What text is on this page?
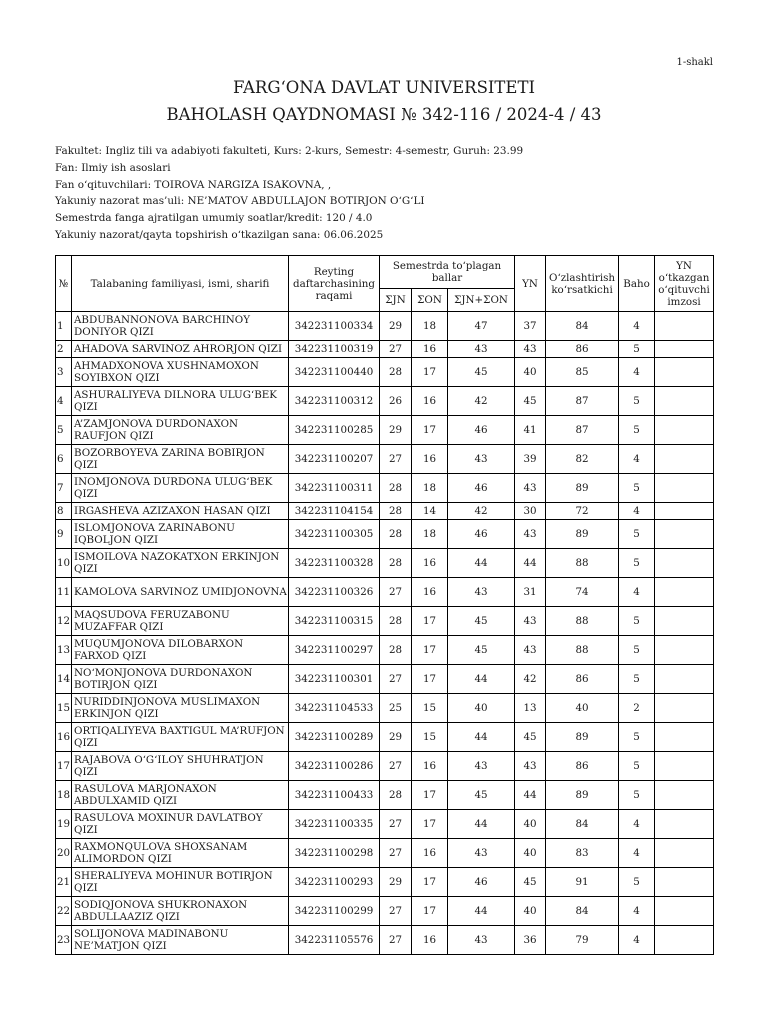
1-shakl
FARG‘ONA DAVLAT UNIVERSITETI
BAHOLASH QAYDNOMASI № 342-116 / 2024-4 / 43
Fakultet: Ingliz tili va adabiyoti fakulteti, Kurs: 2-kurs, Semestr: 4-semestr, Guruh: 23.99
Fan: Ilmiy ish asoslari
Fan o‘qituvchilari: TOIROVA NARGIZA ISAKOVNA, ,
Yakuniy nazorat mas’uli: NE’MATOV ABDULLAJON BOTIRJON O‘G‘LI
Semestrda fanga ajratilgan umumiy soatlar/kredit: 120 / 4.0
Yakuniy nazorat/qayta topshirish o‘tkazilgan sana: 06.06.2025
№	Talabaning familiyasi, ismi, sharifi	Reyting daftarchasining raqami	Semestrda to‘plagan ballar			YN	O‘zlashtirish ko‘rsatkichi	Baho	YN o‘tkazgan o‘qituvchi imzosi
			ΣJN	ΣON	ΣJN+ΣON				
1	ABDUBANNONOVA BARCHINOY DONIYOR QIZI	342231100334	29	18	47	37	84	4	
2	AHADOVA SARVINOZ AHRORJON QIZI	342231100319	27	16	43	43	86	5	
3	AHMADXONOVA XUSHNAMOXON SOYIBXON QIZI	342231100440	28	17	45	40	85	4	
4	ASHURALIYEVA DILNORA ULUG‘BEK QIZI	342231100312	26	16	42	45	87	5	
5	A’ZAMJONOVA DURDONAXON RAUFJON QIZI	342231100285	29	17	46	41	87	5	
6	BOZORBOYEVA ZARINA BOBIRJON QIZI	342231100207	27	16	43	39	82	4	
7	INOMJONOVA DURDONA ULUG‘BEK QIZI	342231100311	28	18	46	43	89	5	
8	IRGASHEVA AZIZAXON HASAN QIZI	342231104154	28	14	42	30	72	4	
9	ISLOMJONOVA ZARINABONU IQBOLJON QIZI	342231100305	28	18	46	43	89	5	
10	ISMOILOVA NAZOKATXON ERKINJON QIZI	342231100328	28	16	44	44	88	5	
11	KAMOLOVA SARVINOZ UMIDJONOVNA	342231100326	27	16	43	31	74	4	
12	MAQSUDOVA FERUZABONU MUZAFFAR QIZI	342231100315	28	17	45	43	88	5	
13	MUQUMJONOVA DILOBARXON FARXOD QIZI	342231100297	28	17	45	43	88	5	
14	NO‘MONJONOVA DURDONAXON BOTIRJON QIZI	342231100301	27	17	44	42	86	5	
15	NURIDDINJONOVA MUSLIMAXON ERKINJON QIZI	342231104533	25	15	40	13	40	2	
16	ORTIQALIYEVA BAXTIGUL MA’RUFJON QIZI	342231100289	29	15	44	45	89	5	
17	RAJABOVA O‘G‘ILOY SHUHRATJON QIZI	342231100286	27	16	43	43	86	5	
18	RASULOVA MARJONAXON ABDULXAMID QIZI	342231100433	28	17	45	44	89	5	
19	RASULOVA MOXINUR DAVLATBOY QIZI	342231100335	27	17	44	40	84	4	
20	RAXMONQULOVA SHOXSANAM ALIMORDON QIZI	342231100298	27	16	43	40	83	4	
21	SHERALIYEVA MOHINUR BOTIRJON QIZI	342231100293	29	17	46	45	91	5	
22	SODIQJONOVA SHUKRONAXON ABDULLAAZIZ QIZI	342231100299	27	17	44	40	84	4	
23	SOLIJONOVA MADINABONU NE’MATJON QIZI	342231105576	27	16	43	36	79	4	
